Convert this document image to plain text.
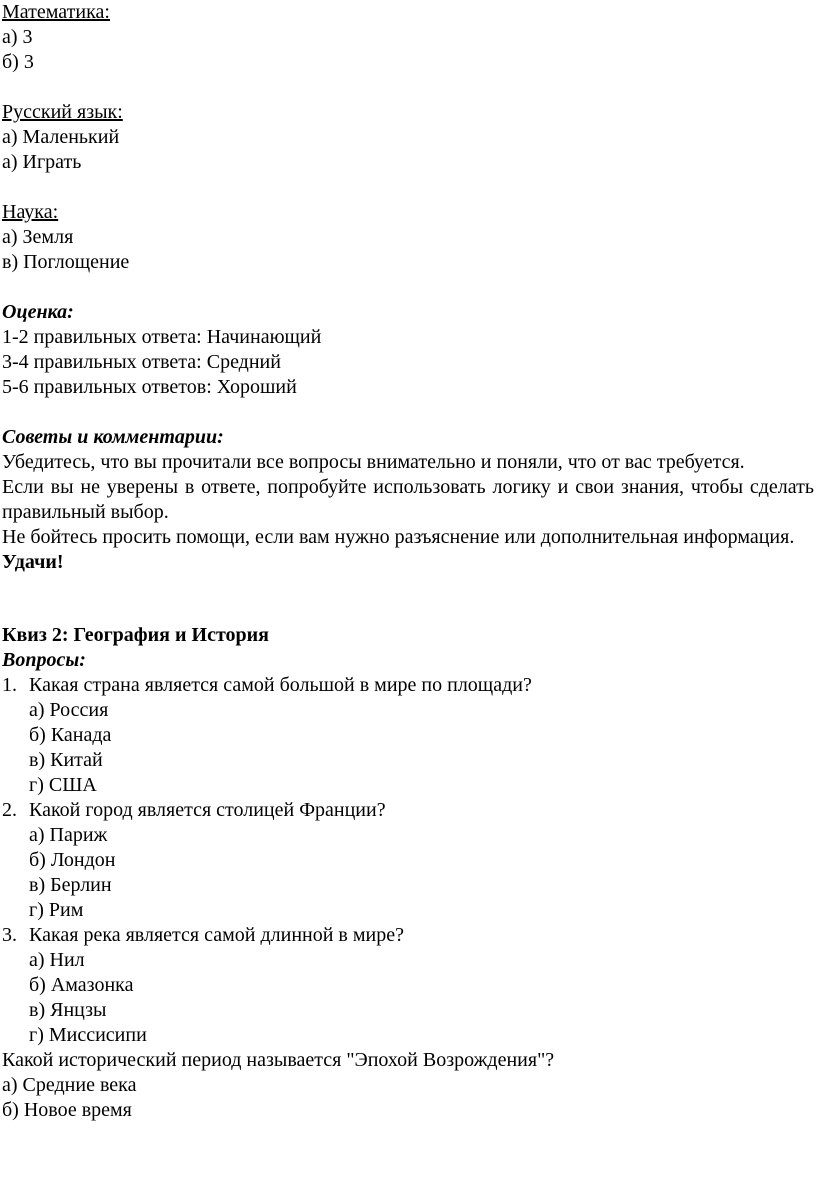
Математика:
а) 3
б) 3
Русский язык:
а) Маленький
а) Играть
Наука:
а) Земля
в) Поглощение
Оценка:
1-2 правильных ответа: Начинающий
3-4 правильных ответа: Средний
5-6 правильных ответов: Хороший
Советы и комментарии:
Убедитесь, что вы прочитали все вопросы внимательно и поняли, что от вас требуется.
Если вы не уверены в ответе, попробуйте использовать логику и свои знания, чтобы сделать правильный выбор.
Не бойтесь просить помощи, если вам нужно разъяснение или дополнительная информация.
Удачи!
Квиз 2: География и История
Вопросы:
1. Какая страна является самой большой в мире по площади?
а) Россия
б) Канада
в) Китай
г) США
2. Какой город является столицей Франции?
а) Париж
б) Лондон
в) Берлин
г) Рим
3. Какая река является самой длинной в мире?
а) Нил
б) Амазонка
в) Янцзы
г) Миссисипи
Какой исторический период называется "Эпохой Возрождения"?
а) Средние века
б) Новое время
